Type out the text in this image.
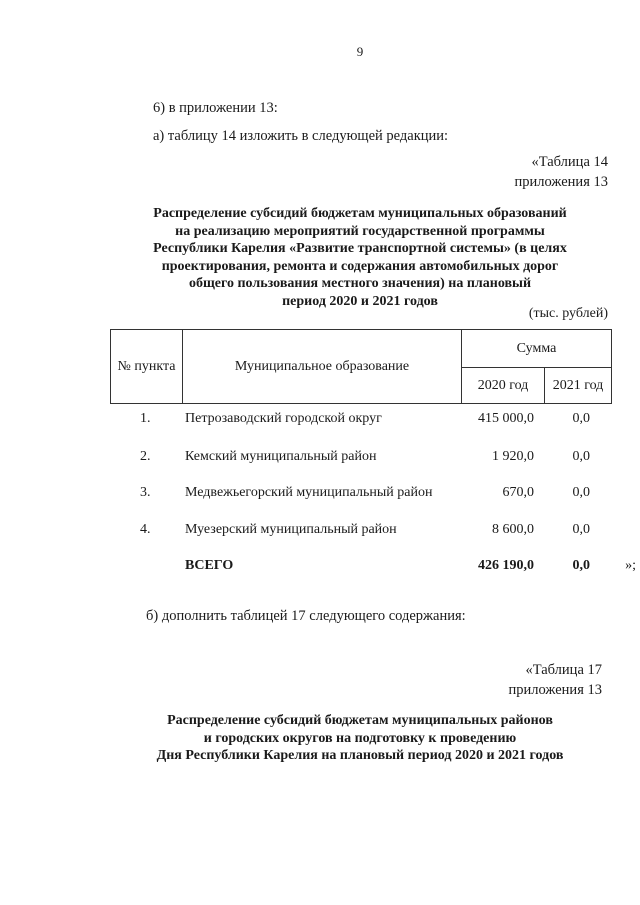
9
6) в приложении 13:
а) таблицу 14 изложить в следующей редакции:
«Таблица 14
приложения 13
Распределение субсидий бюджетам муниципальных образований
на реализацию мероприятий государственной программы
Республики Карелия «Развитие транспортной системы» (в целях
проектирования, ремонта и содержания автомобильных дорог
общего пользования местного значения) на плановый
период 2020 и 2021 годов
(тыс. рублей)
№ пункта	Муниципальное образование	Сумма	
		2020 год	2021 год
1. Петрозаводский городской округ	415 000,0	0,0
2. Кемский муниципальный район	1 920,0	0,0
3. Медвежьегорский муниципальный район	670,0	0,0
4. Муезерский муниципальный район	8 600,0	0,0
ВСЕГО	426 190,0	0,0	»;
б) дополнить таблицей 17 следующего содержания:
«Таблица 17
приложения 13
Распределение субсидий бюджетам муниципальных районов
и городских округов на подготовку к проведению
Дня Республики Карелия на плановый период 2020 и 2021 годов
